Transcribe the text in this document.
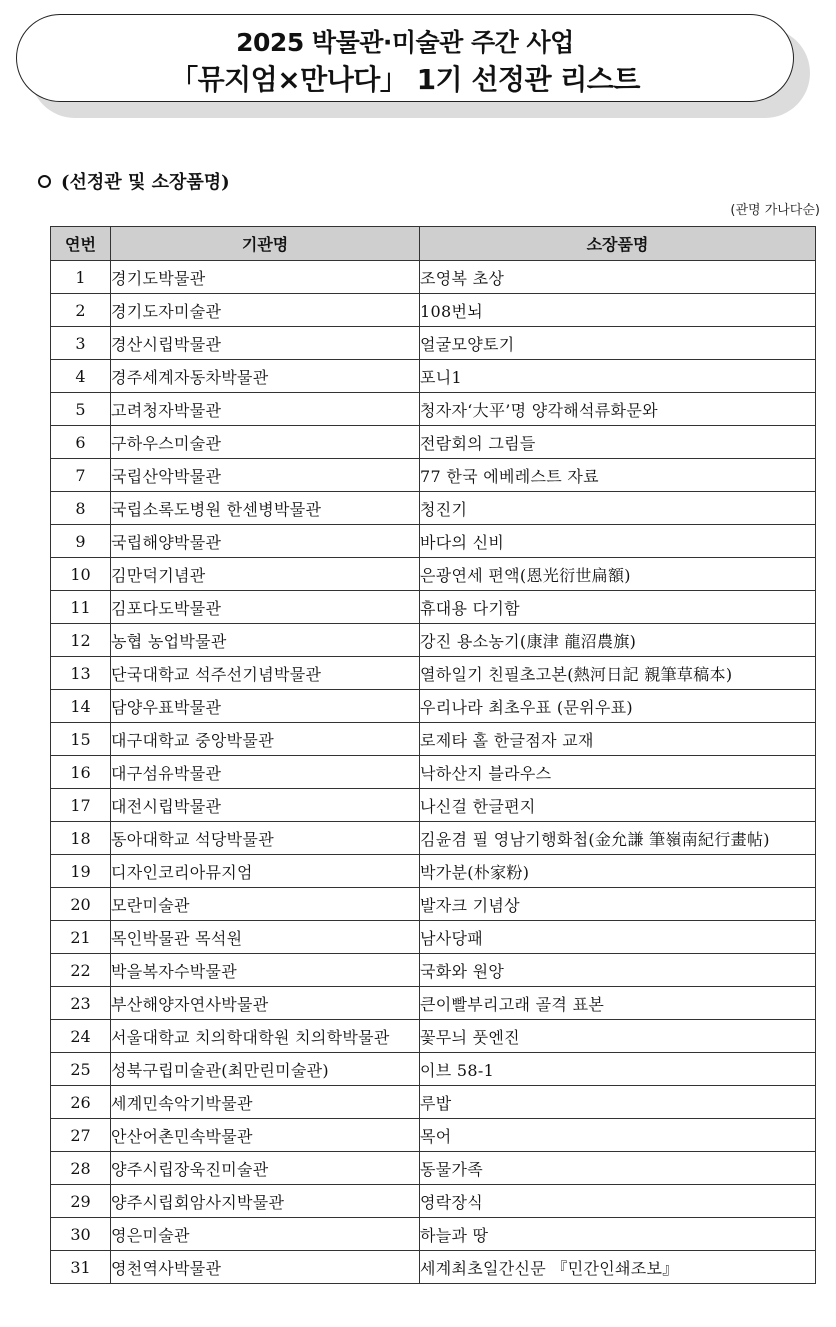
2025 박물관·미술관 주간 사업
「뮤지엄×만나다」 1기 선정관 리스트
(선정관 및 소장품명)
(관명 가나다순)
연번	기관명	소장품명
1	경기도박물관	조영복 초상
2	경기도자미술관	108번뇌
3	경산시립박물관	얼굴모양토기
4	경주세계자동차박물관	포니1
5	고려청자박물관	청자자‘大平’명 양각해석류화문와
6	구하우스미술관	전람회의 그림들
7	국립산악박물관	77 한국 에베레스트 자료
8	국립소록도병원 한센병박물관	청진기
9	국립해양박물관	바다의 신비
10	김만덕기념관	은광연세 편액(恩光衍世扁額)
11	김포다도박물관	휴대용 다기함
12	농협 농업박물관	강진 용소농기(康津 龍沼農旗)
13	단국대학교 석주선기념박물관	열하일기 친필초고본(熱河日記 親筆草稿本)
14	담양우표박물관	우리나라 최초우표 (문위우표)
15	대구대학교 중앙박물관	로제타 홀 한글점자 교재
16	대구섬유박물관	낙하산지 블라우스
17	대전시립박물관	나신걸 한글편지
18	동아대학교 석당박물관	김윤겸 필 영남기행화첩(金允謙 筆嶺南紀行畫帖)
19	디자인코리아뮤지엄	박가분(朴家粉)
20	모란미술관	발자크 기념상
21	목인박물관 목석원	남사당패
22	박을복자수박물관	국화와 원앙
23	부산해양자연사박물관	큰이빨부리고래 골격 표본
24	서울대학교 치의학대학원 치의학박물관	꽃무늬 풋엔진
25	성북구립미술관(최만린미술관)	이브 58-1
26	세계민속악기박물관	루밥
27	안산어촌민속박물관	목어
28	양주시립장욱진미술관	동물가족
29	양주시립회암사지박물관	영락장식
30	영은미술관	하늘과 땅
31	영천역사박물관	세계최초일간신문 『민간인쇄조보』
